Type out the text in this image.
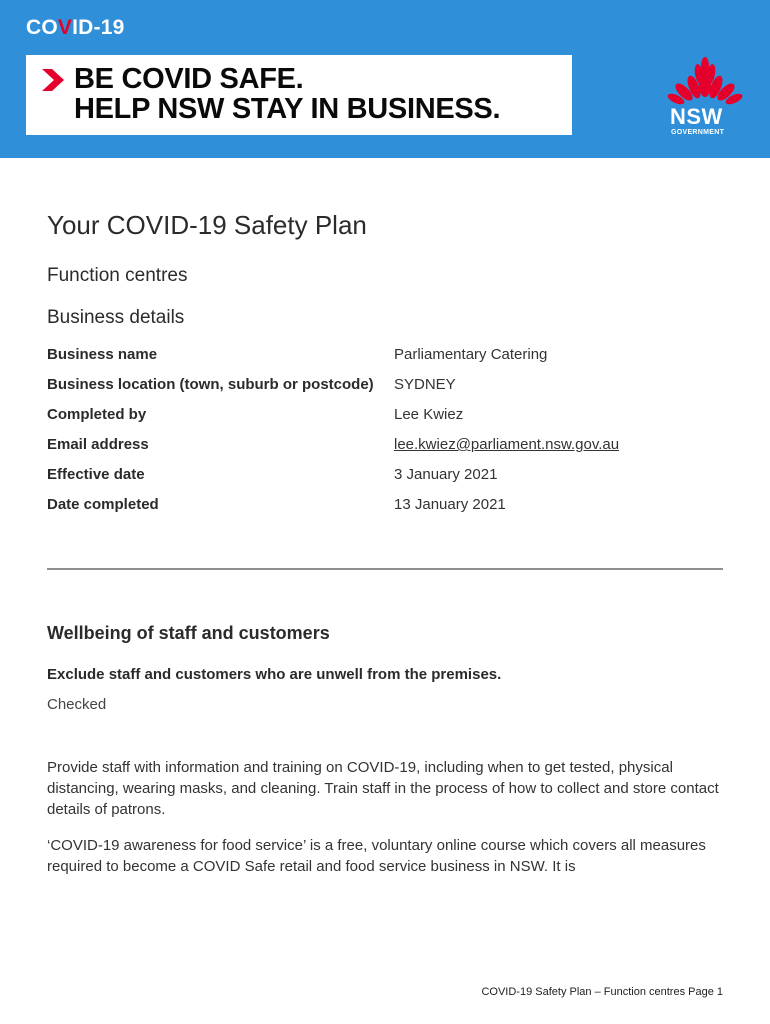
COVID-19
BE COVID SAFE.
HELP NSW STAY IN BUSINESS.	NSW
GOVERNMENT
Your COVID-19 Safety Plan
Function centres
Business details
Business name	Parliamentary Catering
Business location (town, suburb or postcode)	SYDNEY
Completed by	Lee Kwiez
Email address	lee.kwiez@parliament.nsw.gov.au
Effective date	3 January 2021
Date completed	13 January 2021
Wellbeing of staff and customers
Exclude staff and customers who are unwell from the premises.
Checked

Provide staff with information and training on COVID-19, including when to get tested, physical distancing, wearing masks, and cleaning. Train staff in the process of how to collect and store contact details of patrons.

‘COVID-19 awareness for food service’ is a free, voluntary online course which covers all measures required to become a COVID Safe retail and food service business in NSW. It is

COVID-19 Safety Plan – Function centres Page 1
